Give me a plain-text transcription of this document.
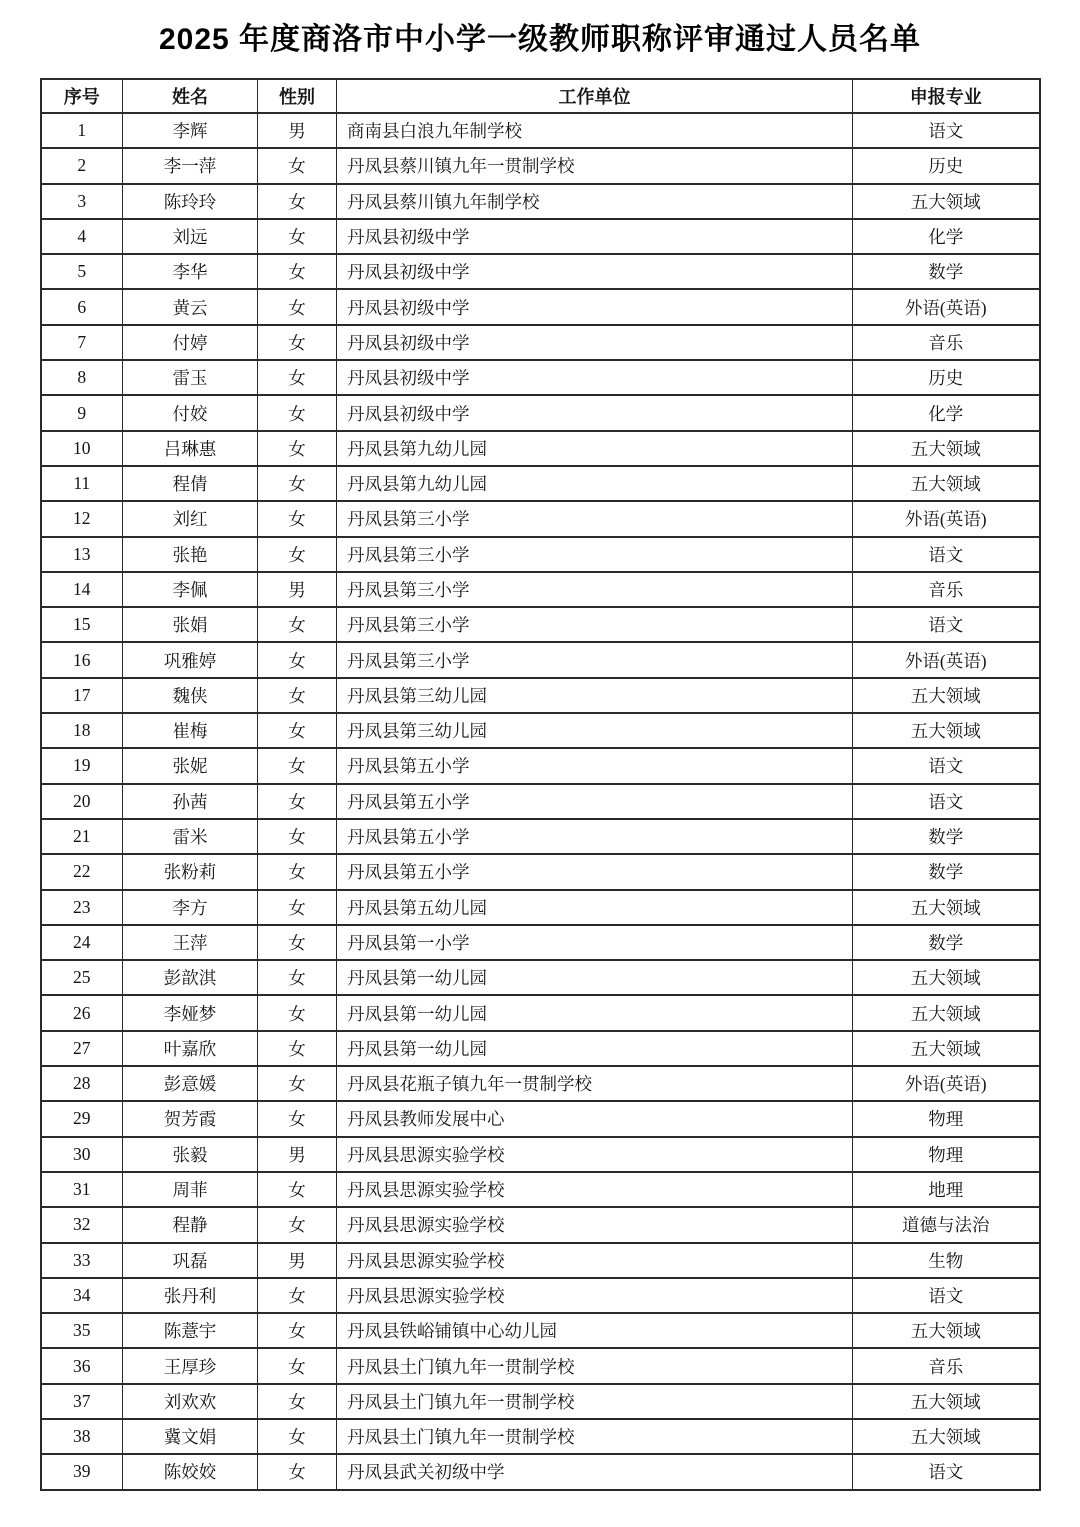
2025 年度商洛市中小学一级教师职称评审通过人员名单
序号	姓名	性别	工作单位	申报专业
1	李辉	男	商南县白浪九年制学校	语文
2	李一萍	女	丹凤县蔡川镇九年一贯制学校	历史
3	陈玲玲	女	丹凤县蔡川镇九年制学校	五大领域
4	刘远	女	丹凤县初级中学	化学
5	李华	女	丹凤县初级中学	数学
6	黄云	女	丹凤县初级中学	外语(英语)
7	付婷	女	丹凤县初级中学	音乐
8	雷玉	女	丹凤县初级中学	历史
9	付姣	女	丹凤县初级中学	化学
10	吕琳惠	女	丹凤县第九幼儿园	五大领域
11	程倩	女	丹凤县第九幼儿园	五大领域
12	刘红	女	丹凤县第三小学	外语(英语)
13	张艳	女	丹凤县第三小学	语文
14	李佩	男	丹凤县第三小学	音乐
15	张娟	女	丹凤县第三小学	语文
16	巩雅婷	女	丹凤县第三小学	外语(英语)
17	魏侠	女	丹凤县第三幼儿园	五大领域
18	崔梅	女	丹凤县第三幼儿园	五大领域
19	张妮	女	丹凤县第五小学	语文
20	孙茜	女	丹凤县第五小学	语文
21	雷米	女	丹凤县第五小学	数学
22	张粉莉	女	丹凤县第五小学	数学
23	李方	女	丹凤县第五幼儿园	五大领域
24	王萍	女	丹凤县第一小学	数学
25	彭歆淇	女	丹凤县第一幼儿园	五大领域
26	李娅梦	女	丹凤县第一幼儿园	五大领域
27	叶嘉欣	女	丹凤县第一幼儿园	五大领域
28	彭意媛	女	丹凤县花瓶子镇九年一贯制学校	外语(英语)
29	贺芳霞	女	丹凤县教师发展中心	物理
30	张毅	男	丹凤县思源实验学校	物理
31	周菲	女	丹凤县思源实验学校	地理
32	程静	女	丹凤县思源实验学校	道德与法治
33	巩磊	男	丹凤县思源实验学校	生物
34	张丹利	女	丹凤县思源实验学校	语文
35	陈薏宇	女	丹凤县铁峪铺镇中心幼儿园	五大领域
36	王厚珍	女	丹凤县土门镇九年一贯制学校	音乐
37	刘欢欢	女	丹凤县土门镇九年一贯制学校	五大领域
38	冀文娟	女	丹凤县土门镇九年一贯制学校	五大领域
39	陈姣姣	女	丹凤县武关初级中学	语文
